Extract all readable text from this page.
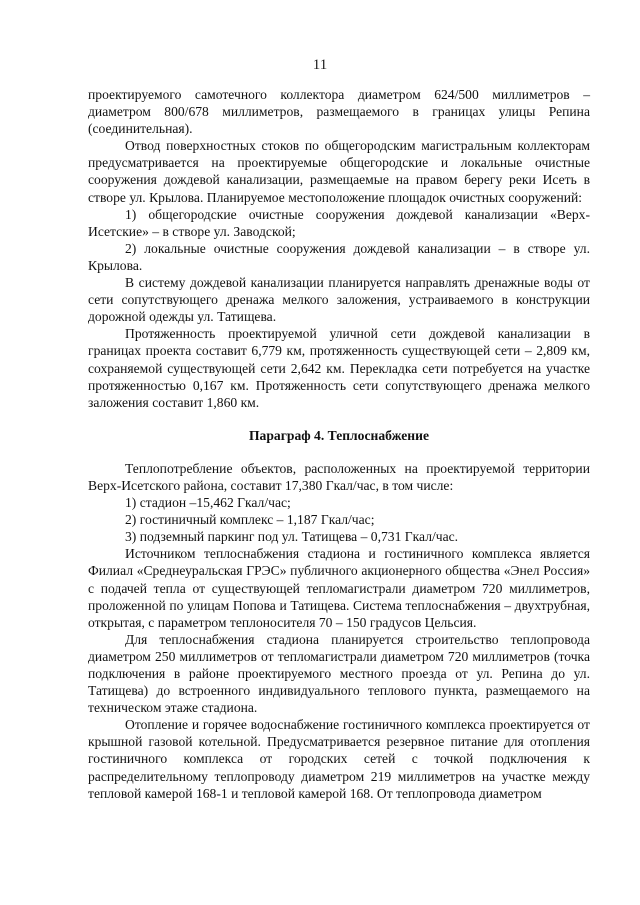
11

проектируемого самотечного коллектора диаметром 624/500 миллиметров – диаметром 800/678 миллиметров, размещаемого в границах улицы Репина (соединительная).

Отвод поверхностных стоков по общегородским магистральным коллекторам предусматривается на проектируемые общегородские и локальные очистные сооружения дождевой канализации, размещаемые на правом берегу реки Исеть в створе ул. Крылова. Планируемое местоположение площадок очистных сооружений:

1) общегородские очистные сооружения дождевой канализации «Верх-Исетские» – в створе ул. Заводской;

2) локальные очистные сооружения дождевой канализации – в створе ул. Крылова.

В систему дождевой канализации планируется направлять дренажные воды от сети сопутствующего дренажа мелкого заложения, устраиваемого в конструкции дорожной одежды ул. Татищева.

Протяженность проектируемой уличной сети дождевой канализации в границах проекта составит 6,779 км, протяженность существующей сети – 2,809 км, сохраняемой существующей сети 2,642 км. Перекладка сети потребуется на участке протяженностью 0,167 км. Протяженность сети сопутствующего дренажа мелкого заложения составит 1,860 км.

Параграф 4. Теплоснабжение

Теплопотребление объектов, расположенных на проектируемой территории Верх-Исетского района, составит 17,380 Гкал/час, в том числе:

1) стадион –15,462 Гкал/час;

2) гостиничный комплекс – 1,187 Гкал/час;

3) подземный паркинг под ул. Татищева – 0,731 Гкал/час.

Источником теплоснабжения стадиона и гостиничного комплекса является Филиал «Среднеуральская ГРЭС» публичного акционерного общества «Энел Россия» с подачей тепла от существующей тепломагистрали диаметром 720 миллиметров, проложенной по улицам Попова и Татищева. Система теплоснабжения – двухтрубная, открытая, с параметром теплоносителя 70 – 150 градусов Цельсия.

Для теплоснабжения стадиона планируется строительство теплопровода диаметром 250 миллиметров от тепломагистрали диаметром 720 миллиметров (точка подключения в районе проектируемого местного проезда от ул. Репина до ул. Татищева) до встроенного индивидуального теплового пункта, размещаемого на техническом этаже стадиона.

Отопление и горячее водоснабжение гостиничного комплекса проектируется от крышной газовой котельной. Предусматривается резервное питание для отопления гостиничного комплекса от городских сетей с точкой подключения к распределительному теплопроводу диаметром 219 миллиметров на участке между тепловой камерой 168-1 и тепловой камерой 168. От теплопровода диаметром
